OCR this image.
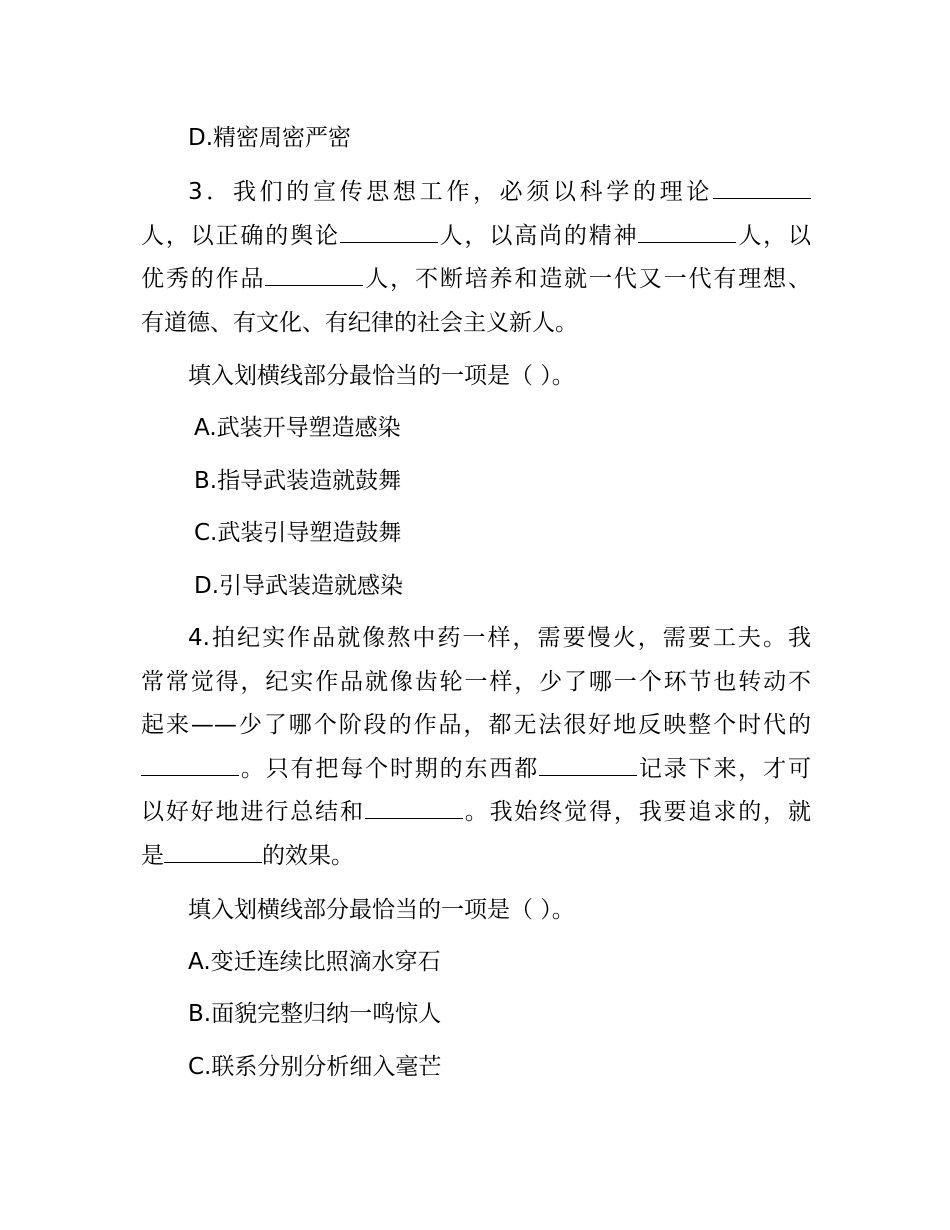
D.精密周密严密
3．我们的宣传思想工作，必须以科学的理论
人，以正确的舆论	人，以高尚的精神	人，以
优秀的作品	人，不断培养和造就一代又一代有理想、
有道德、有文化、有纪律的社会主义新人。
填入划横线部分最恰当的一项是（ ）。
A.武装开导塑造感染
B.指导武装造就鼓舞
C.武装引导塑造鼓舞
D.引导武装造就感染
4.拍纪实作品就像熬中药一样，需要慢火，需要工夫。我
常常觉得，纪实作品就像齿轮一样，少了哪一个环节也转动不
起来——少了哪个阶段的作品，都无法很好地反映整个时代的
。只有把每个时期的东西都	记录下来，才可
以好好地进行总结和	。我始终觉得，我要追求的，就
是	的效果。
填入划横线部分最恰当的一项是（ ）。
A.变迁连续比照滴水穿石
B.面貌完整归纳一鸣惊人
C.联系分别分析细入毫芒
